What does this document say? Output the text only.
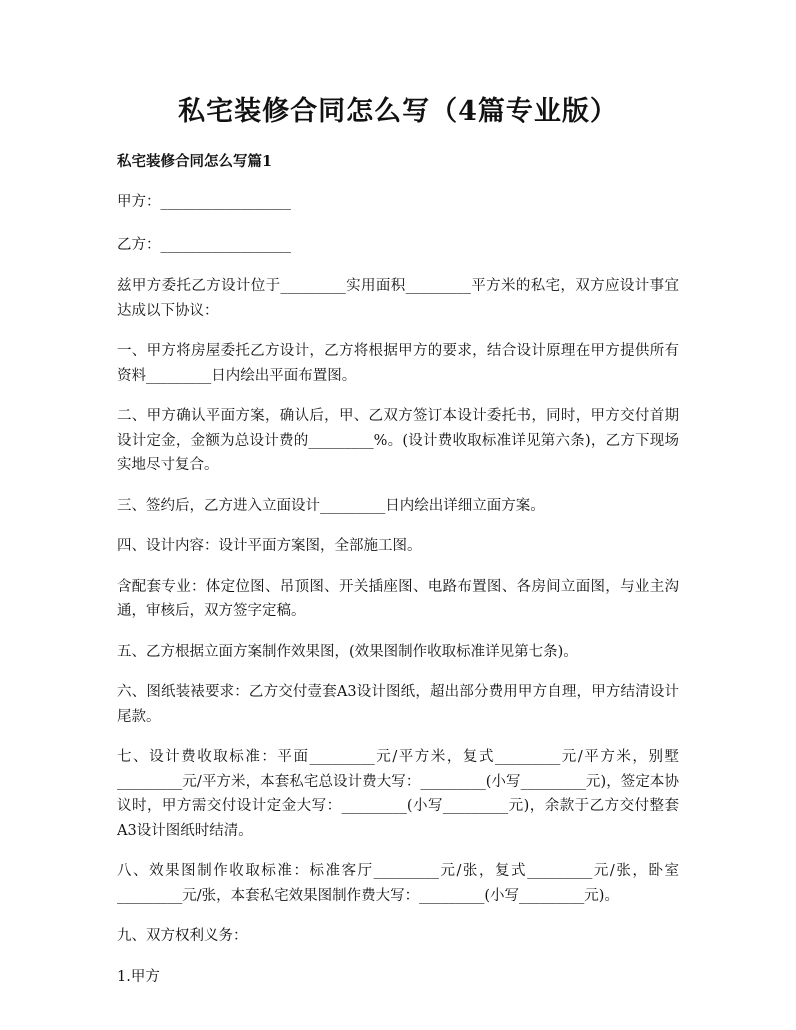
私宅装修合同怎么写（4篇专业版）

私宅装修合同怎么写篇1

甲方：__________________

乙方：__________________

兹甲方委托乙方设计位于_________实用面积_________平方米的私宅，双方应设计事宜达成以下协议：

一、甲方将房屋委托乙方设计，乙方将根据甲方的要求，结合设计原理在甲方提供所有资料_________日内绘出平面布置图。

二、甲方确认平面方案，确认后，甲、乙双方签订本设计委托书，同时，甲方交付首期设计定金，金额为总设计费的_________%。(设计费收取标准详见第六条)，乙方下现场实地尽寸复合。

三、签约后，乙方进入立面设计_________日内绘出详细立面方案。

四、设计内容：设计平面方案图，全部施工图。

含配套专业：体定位图、吊顶图、开关插座图、电路布置图、各房间立面图，与业主沟通，审核后，双方签字定稿。

五、乙方根据立面方案制作效果图，(效果图制作收取标准详见第七条)。

六、图纸装裱要求：乙方交付壹套A3设计图纸，超出部分费用甲方自理，甲方结清设计尾款。

七、设计费收取标准：平面_________元/平方米，复式_________元/平方米，别墅_________元/平方米，本套私宅总设计费大写：_________(小写_________元)，签定本协议时，甲方需交付设计定金大写：_________(小写_________元)，余款于乙方交付整套A3设计图纸时结清。

八、效果图制作收取标准：标准客厅_________元/张，复式_________元/张，卧室_________元/张，本套私宅效果图制作费大写：_________(小写_________元)。

九、双方权利义务：

1.甲方
